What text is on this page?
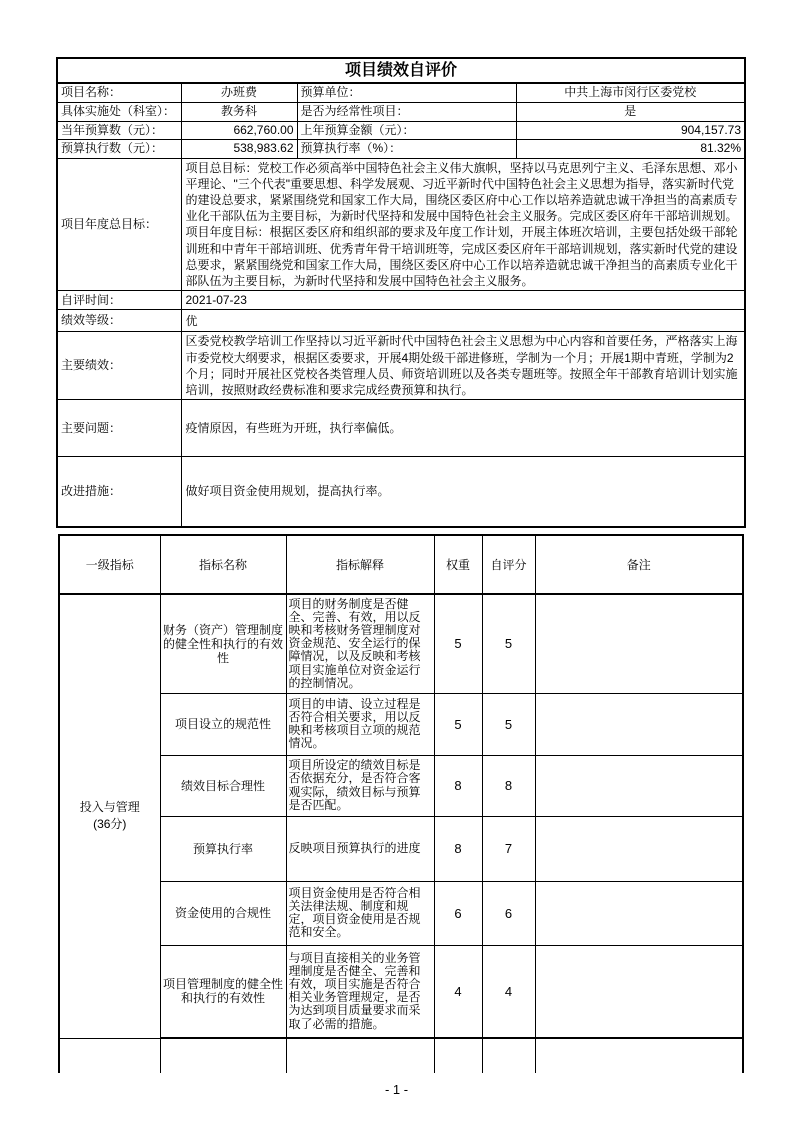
项目绩效自评价			
项目名称：	办班费	预算单位：	中共上海市闵行区委党校
具体实施处（科室）：	教务科	是否为经常性项目：	是
当年预算数（元）：	662,760.00	上年预算金额（元）：	904,157.73
预算执行数（元）：	538,983.62	预算执行率（%）：	81.32%
项目年度总目标：	项目总目标：党校工作必须高举中国特色社会主义伟大旗帜，坚持以马克思列宁主义、毛泽东思想、邓小平理论、"三个代表"重要思想、科学发展观、习近平新时代中国特色社会主义思想为指导，落实新时代党的建设总要求，紧紧围绕党和国家工作大局，围绕区委区府中心工作以培养造就忠诚干净担当的高素质专业化干部队伍为主要目标，为新时代坚持和发展中国特色社会主义服务。完成区委区府年干部培训规划。 项目年度目标：根据区委区府和组织部的要求及年度工作计划，开展主体班次培训，主要包括处级干部轮训班和中青年干部培训班、优秀青年骨干培训班等，完成区委区府年干部培训规划，落实新时代党的建设总要求，紧紧围绕党和国家工作大局，围绕区委区府中心工作以培养造就忠诚干净担当的高素质专业化干部队伍为主要目标，为新时代坚持和发展中国特色社会主义服务。		
自评时间：	2021-07-23		
绩效等级：	优		
主要绩效：	区委党校教学培训工作坚持以习近平新时代中国特色社会主义思想为中心内容和首要任务，严格落实上海市委党校大纲要求，根据区委要求，开展4期处级干部进修班，学制为一个月；开展1期中青班，学制为2个月；同时开展社区党校各类管理人员、师资培训班以及各类专题班等。按照全年干部教育培训计划实施培训，按照财政经费标准和要求完成经费预算和执行。		
主要问题：	疫情原因，有些班为开班，执行率偏低。		
改进措施：	做好项目资金使用规划，提高执行率。		
一级指标	指标名称	指标解释	权重	自评分	备注

投入与管理
(36分)	财务（资产）管理制度的健全性和执行的有效性	项目的财务制度是否健全、完善、有效，用以反映和考核财务管理制度对资金规范、安全运行的保障情况，以及反映和考核项目实施单位对资金运行的控制情况。	5	5	
	项目设立的规范性	项目的申请、设立过程是否符合相关要求，用以反映和考核项目立项的规范情况。	5	5	
	绩效目标合理性	项目所设定的绩效目标是否依据充分，是否符合客观实际，绩效目标与预算是否匹配。	8	8	
	预算执行率	反映项目预算执行的进度	8	7	
	资金使用的合规性	项目资金使用是否符合相关法律法规、制度和规定，项目资金使用是否规范和安全。	6	6	
	项目管理制度的健全性和执行的有效性	与项目直接相关的业务管理制度是否健全、完善和有效，项目实施是否符合相关业务管理规定，是否为达到项目质量要求而采取了必需的措施。	4	4	

- 1 -
